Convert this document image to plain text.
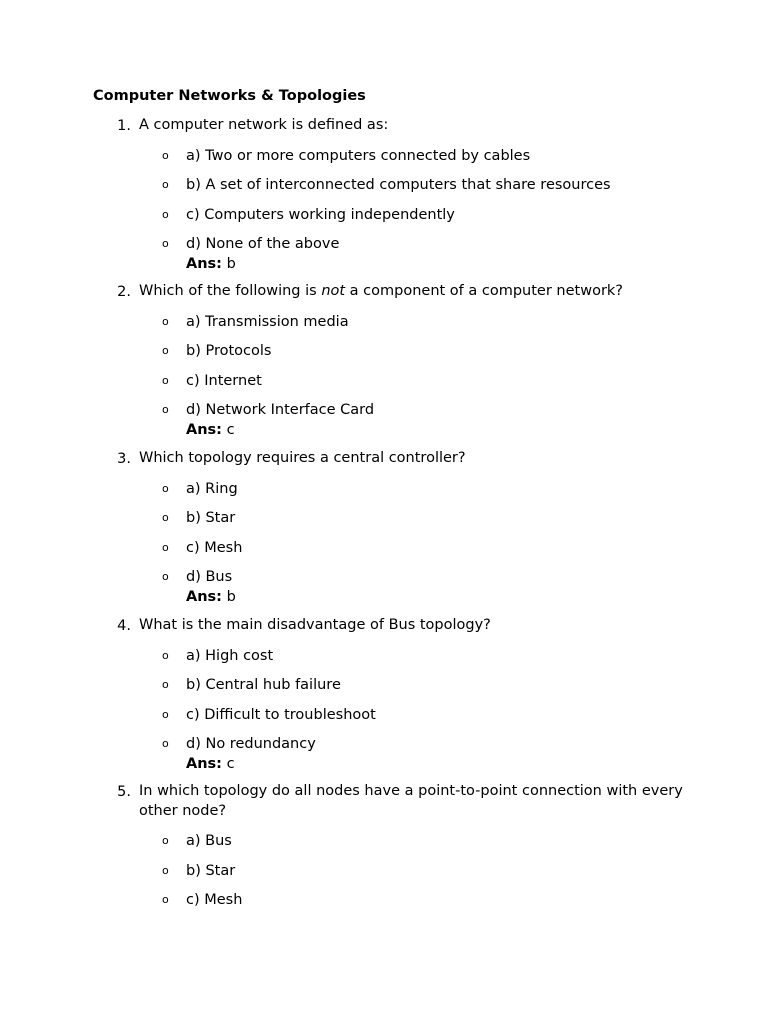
Computer Networks & Topologies
1. A computer network is defined as:
o a) Two or more computers connected by cables
o b) A set of interconnected computers that share resources
o c) Computers working independently
o d) None of the above
Ans: b
2. Which of the following is not a component of a computer network?
o a) Transmission media
o b) Protocols
o c) Internet
o d) Network Interface Card
Ans: c
3. Which topology requires a central controller?
o a) Ring
o b) Star
o c) Mesh
o d) Bus
Ans: b
4. What is the main disadvantage of Bus topology?
o a) High cost
o b) Central hub failure
o c) Difficult to troubleshoot
o d) No redundancy
Ans: c
5. In which topology do all nodes have a point-to-point connection with every other node?
o a) Bus
o b) Star
o c) Mesh
